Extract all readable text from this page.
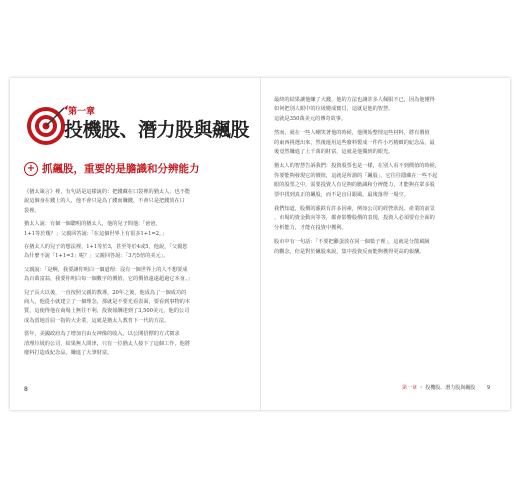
第一章
投機股、潛力股與飆股
+ 抓飆股，重要的是膽識和分辨能力
《猶太箴言》裡，有句話是這樣說的：把錢藏在口袋裡的猶太人，也不能
說這個身在錢上的人，他不會只是為了錢而賺錢，不會只是把錢放在口
袋裡。
猶太人說：有個一個聰明的猶太人，他的兒子問他:「爸爸，
1+1等於幾？」父親回答說:「在這個世界上有很多1+1=2。」
在猶太人的兒子的想法裡，1+1等於3，甚至等於4或5，他說，「父親您
為什麼不說「1+1=3」呢？」父親回答說：「3乃5倍的美元」。
父親說：「是啊，我要讓你明白一個道理：沒有一個世界上的人不想要成
為百萬富翁，我要你明白每一個數字的價值，它的價值遠遠超過它本身。」
兒子長大以後，一直按照父親的教導，20年之後，他成為了一個成功的
商人，他從小就建立了一個理念，那就是不要光看表面，要看到事物的本
質，這使得他在商場上無往不利，投資報酬達到了3,500美元，他的公司
成為當地首屈一指的大企業，這就是猶太人教育下一代的方法。
當年，美國政府為了增加自由女神像的收入，以公開招標的方式徵求
清理垃圾的公司，結果無人問津，只有一位猶太人接下了這個工作，他將
廢料打造成紀念品，賺進了大筆財富。
8
最終的結果讓他賺了大錢，他的方法也讓許多人佩服不已，因為他懂得
如何把別人眼中的垃圾變成寶貝，這就是他的智慧。
這就是350萬美元的傳奇故事。
然而，就在一些人嘲笑著他的時候，他開始整理這些材料，將有價值
的東西挑選出來，然後運用這些廢料製成一件件小巧精緻的紀念品，最
後竟然賺進了上千萬的財富，這就是他獨到的眼光。
猶太人的智慧告訴我們：投資股票也是一樣，在別人看不到價值的時候，
你要能夠發現它的價值，這就是所謂的「飆股」，它往往隱藏在一些不起
眼的股票之中，需要投資人有足夠的膽識和分辨能力，才能夠在眾多股
票中找到真正的飆股，而不是盲目跟風，最後落得一場空。
我們知道，股價的漲跌有許多因素，例如公司的經營狀況、產業的前景
、市場的資金動向等等，都會影響股價的表現，投資人必須要有全面的
分析能力，才能在投資中獲利。
股市中有一句話：「不要把雞蛋放在同一個籃子裡」，這就是分散風險
的觀念，但是對於飆股來說，集中投資反而能夠獲得更高的報酬。
第一章 ・ 投機股、潛力股與飆股 9
